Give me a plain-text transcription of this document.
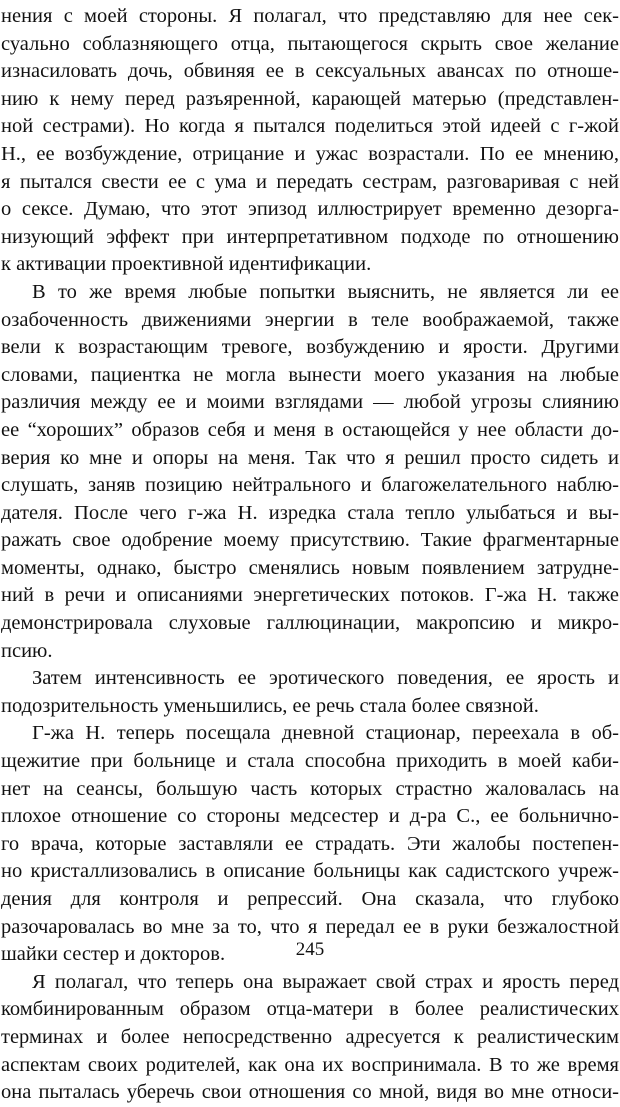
нения с моей стороны. Я полагал, что представляю для нее сек-
суально соблазняющего отца, пытающегося скрыть свое желание
изнасиловать дочь, обвиняя ее в сексуальных авансах по отноше-
нию к нему перед разъяренной, карающей матерью (представлен-
ной сестрами). Но когда я пытался поделиться этой идеей с г-жой
Н., ее возбуждение, отрицание и ужас возрастали. По ее мнению,
я пытался свести ее с ума и передать сестрам, разговаривая с ней
о сексе. Думаю, что этот эпизод иллюстрирует временно дезорга-
низующий эффект при интерпретативном подходе по отношению
к активации проективной идентификации.
В то же время любые попытки выяснить, не является ли ее
озабоченность движениями энергии в теле воображаемой, также
вели к возрастающим тревоге, возбуждению и ярости. Другими
словами, пациентка не могла вынести моего указания на любые
различия между ее и моими взглядами — любой угрозы слиянию
ее “хороших” образов себя и меня в остающейся у нее области до-
верия ко мне и опоры на меня. Так что я решил просто сидеть и
слушать, заняв позицию нейтрального и благожелательного наблю-
дателя. После чего г-жа Н. изредка стала тепло улыбаться и вы-
ражать свое одобрение моему присутствию. Такие фрагментарные
моменты, однако, быстро сменялись новым появлением затрудне-
ний в речи и описаниями энергетических потоков. Г-жа Н. также
демонстрировала слуховые галлюцинации, макропсию и микро-
псию.
Затем интенсивность ее эротического поведения, ее ярость и
подозрительность уменьшились, ее речь стала более связной.
Г-жа Н. теперь посещала дневной стационар, переехала в об-
щежитие при больнице и стала способна приходить в моей каби-
нет на сеансы, большую часть которых страстно жаловалась на
плохое отношение со стороны медсестер и д-ра С., ее больнично-
го врача, которые заставляли ее страдать. Эти жалобы постепен-
но кристаллизовались в описание больницы как садистского учреж-
дения для контроля и репрессий. Она сказала, что глубоко
разочаровалась во мне за то, что я передал ее в руки безжалостной
шайки сестер и докторов.
Я полагал, что теперь она выражает свой страх и ярость перед
комбинированным образом отца-матери в более реалистических
терминах и более непосредственно адресуется к реалистическим
аспектам своих родителей, как она их воспринимала. В то же время
она пыталась уберечь свои отношения со мной, видя во мне относи-
245
